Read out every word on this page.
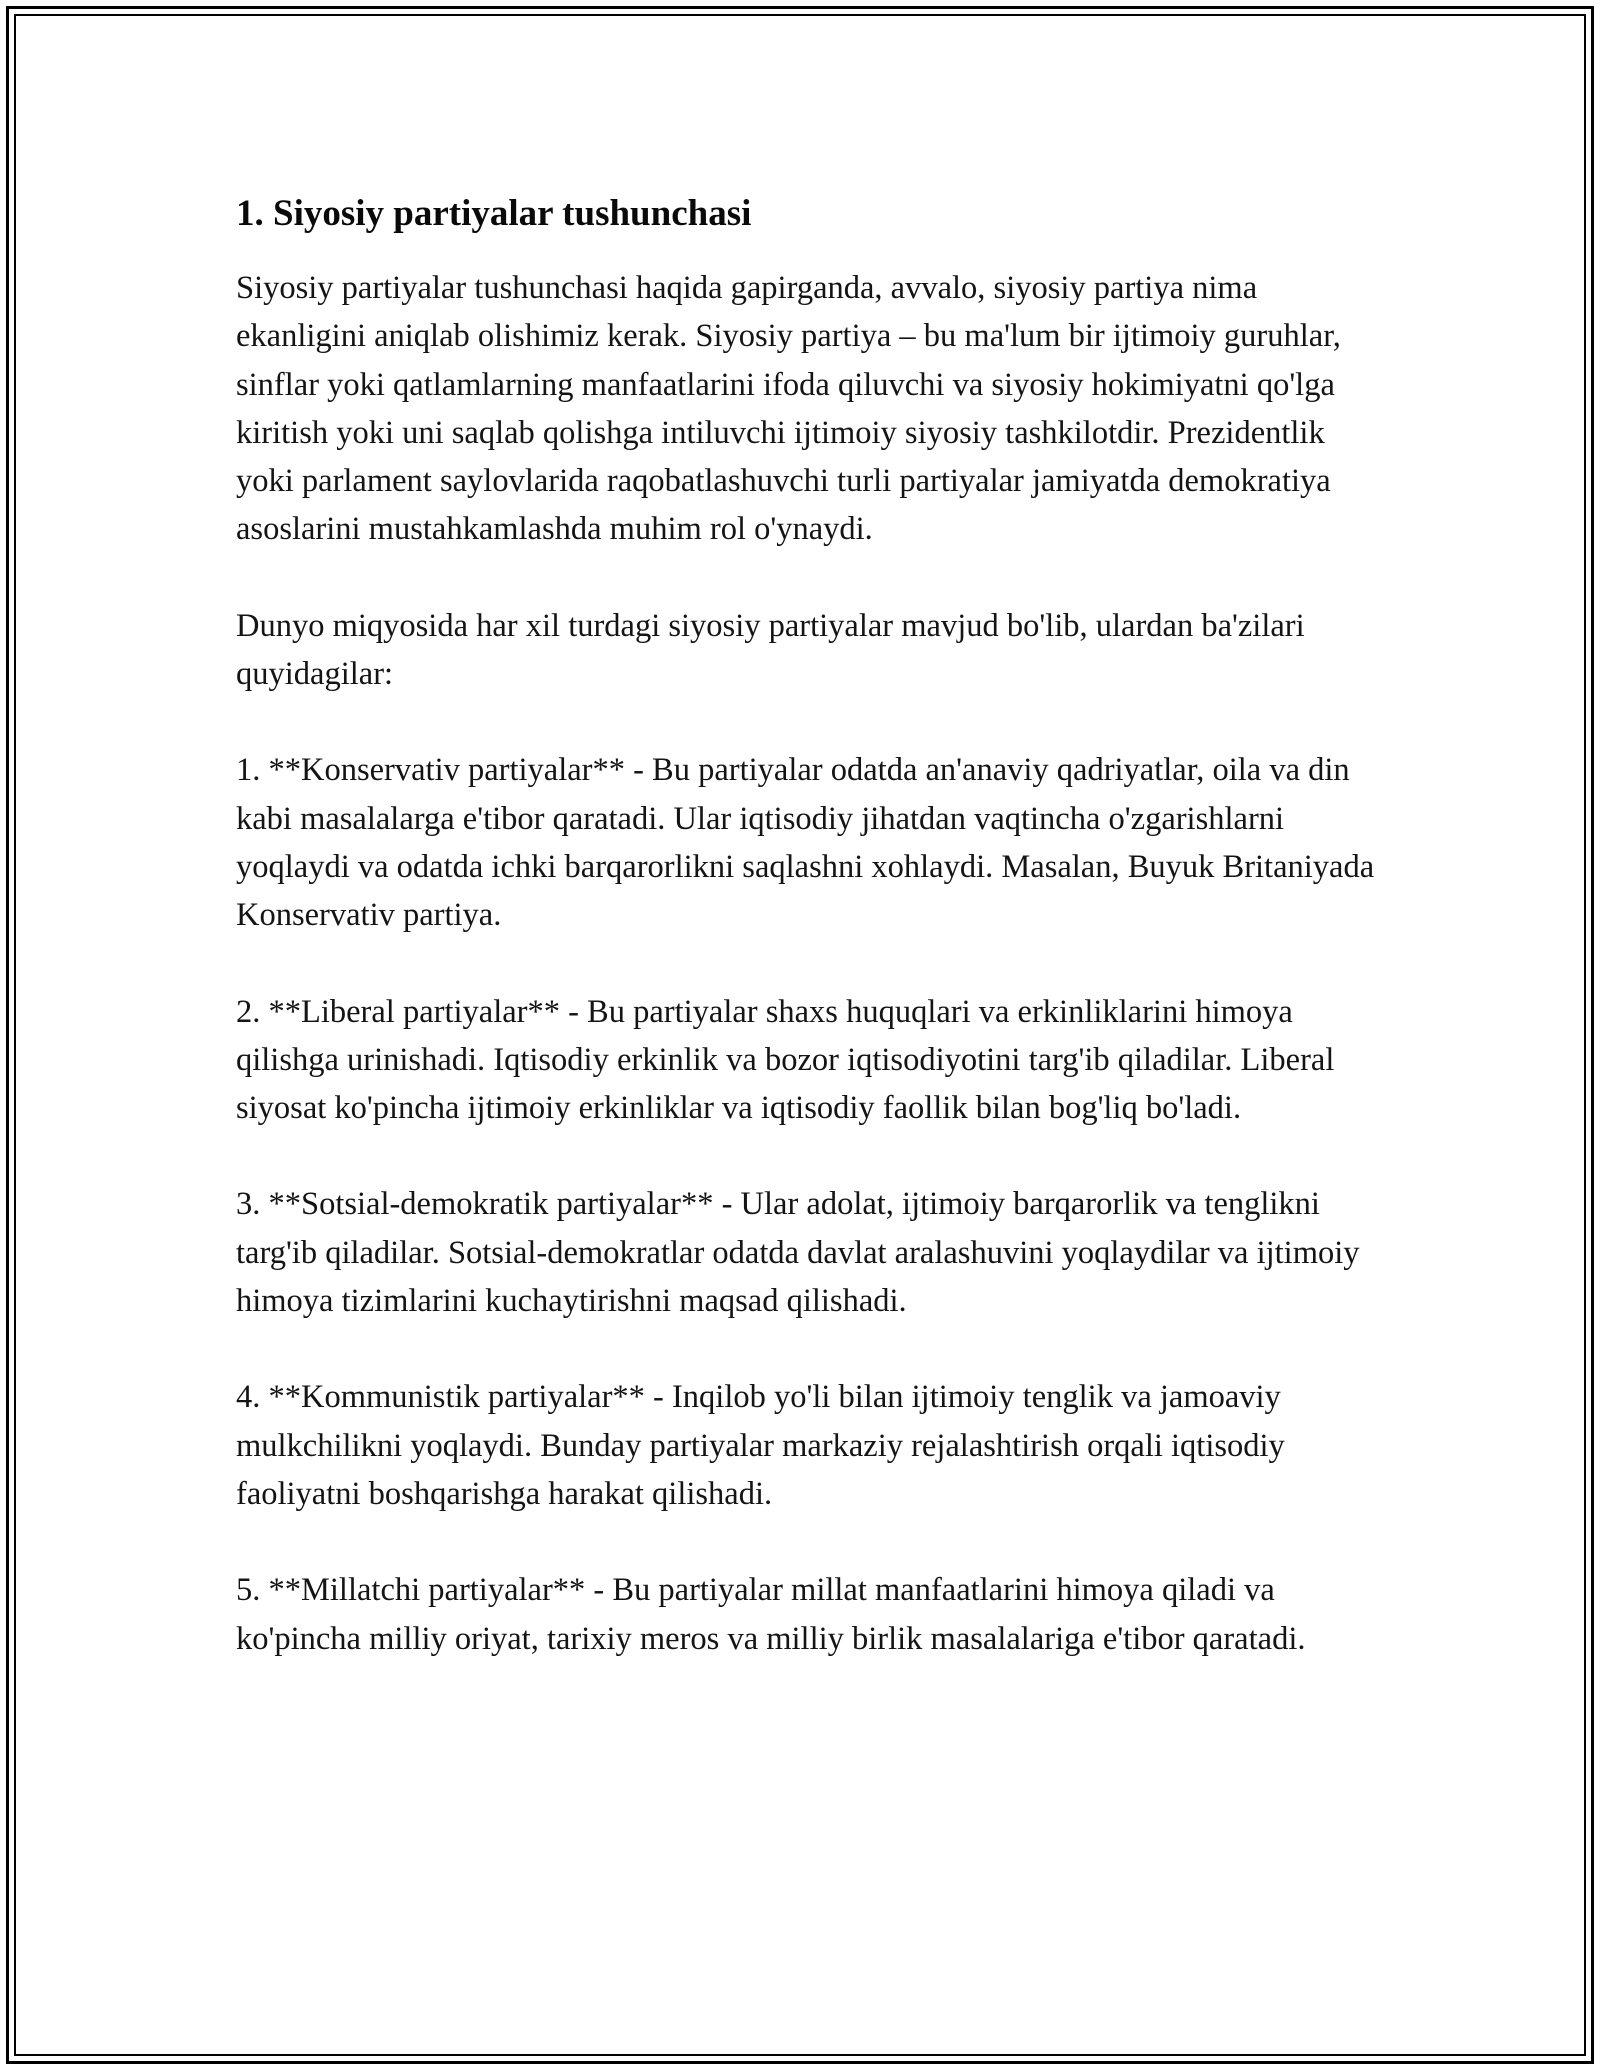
1. Siyosiy partiyalar tushunchasi

Siyosiy partiyalar tushunchasi haqida gapirganda, avvalo, siyosiy partiya nima ekanligini aniqlab olishimiz kerak. Siyosiy partiya – bu ma'lum bir ijtimoiy guruhlar, sinflar yoki qatlamlarning manfaatlarini ifoda qiluvchi va siyosiy hokimiyatni qo'lga kiritish yoki uni saqlab qolishga intiluvchi ijtimoiy siyosiy tashkilotdir. Prezidentlik yoki parlament saylovlarida raqobatlashuvchi turli partiyalar jamiyatda demokratiya asoslarini mustahkamlashda muhim rol o'ynaydi.

Dunyo miqyosida har xil turdagi siyosiy partiyalar mavjud bo'lib, ulardan ba'zilari quyidagilar:

1. **Konservativ partiyalar** - Bu partiyalar odatda an'anaviy qadriyatlar, oila va din kabi masalalarga e'tibor qaratadi. Ular iqtisodiy jihatdan vaqtincha o'zgarishlarni yoqlaydi va odatda ichki barqarorlikni saqlashni xohlaydi. Masalan, Buyuk Britaniyada Konservativ partiya.

2. **Liberal partiyalar** - Bu partiyalar shaxs huquqlari va erkinliklarini himoya qilishga urinishadi. Iqtisodiy erkinlik va bozor iqtisodiyotini targ'ib qiladilar. Liberal siyosat ko'pincha ijtimoiy erkinliklar va iqtisodiy faollik bilan bog'liq bo'ladi.

3. **Sotsial-demokratik partiyalar** - Ular adolat, ijtimoiy barqarorlik va tenglikni targ'ib qiladilar. Sotsial-demokratlar odatda davlat aralashuvini yoqlaydilar va ijtimoiy himoya tizimlarini kuchaytirishni maqsad qilishadi.

4. **Kommunistik partiyalar** - Inqilob yo'li bilan ijtimoiy tenglik va jamoaviy mulkchilikni yoqlaydi. Bunday partiyalar markaziy rejalashtirish orqali iqtisodiy faoliyatni boshqarishga harakat qilishadi.

5. **Millatchi partiyalar** - Bu partiyalar millat manfaatlarini himoya qiladi va ko'pincha milliy oriyat, tarixiy meros va milliy birlik masalalariga e'tibor qaratadi.
